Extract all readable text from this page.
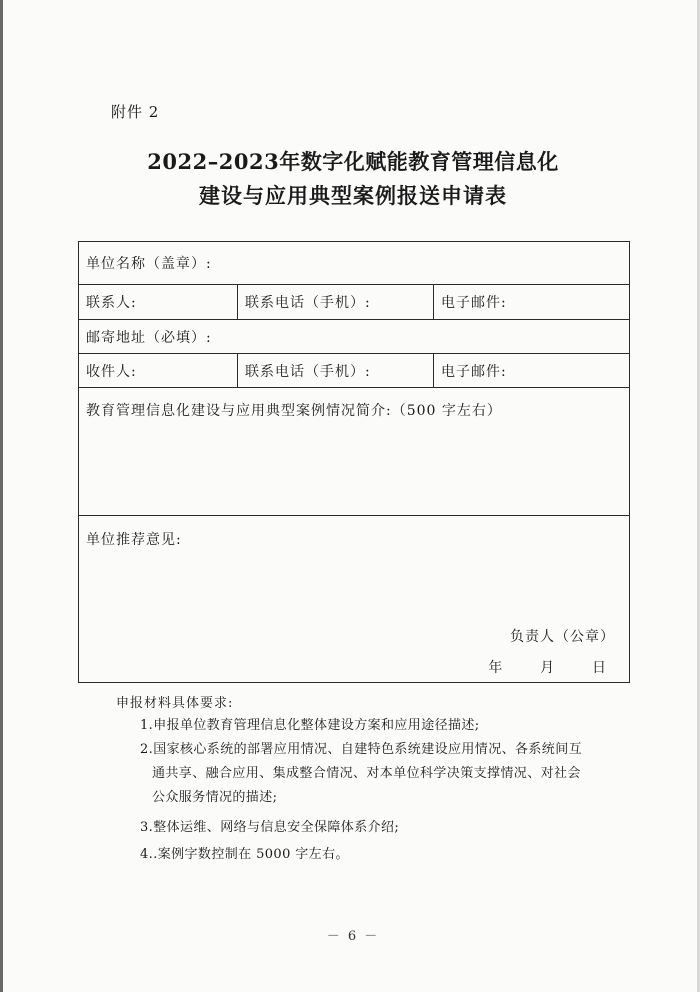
附件 2
2022–2023年数字化赋能教育管理信息化
建设与应用典型案例报送申请表
单位名称（盖章）:
联系人:	联系电话（手机）:	电子邮件:
邮寄地址（必填）:
收件人:	联系电话（手机）:	电子邮件:
教育管理信息化建设与应用典型案例情况简介:（500 字左右）
单位推荐意见:
负责人（公章）
年	月	日
申报材料具体要求:
1.申报单位教育管理信息化整体建设方案和应用途径描述;
2.国家核心系统的部署应用情况、自建特色系统建设应用情况、各系统间互
通共享、融合应用、集成整合情况、对本单位科学决策支撑情况、对社会
公众服务情况的描述;
3.整体运维、网络与信息安全保障体系介绍;
4..案例字数控制在 5000 字左右。
－ 6 －
